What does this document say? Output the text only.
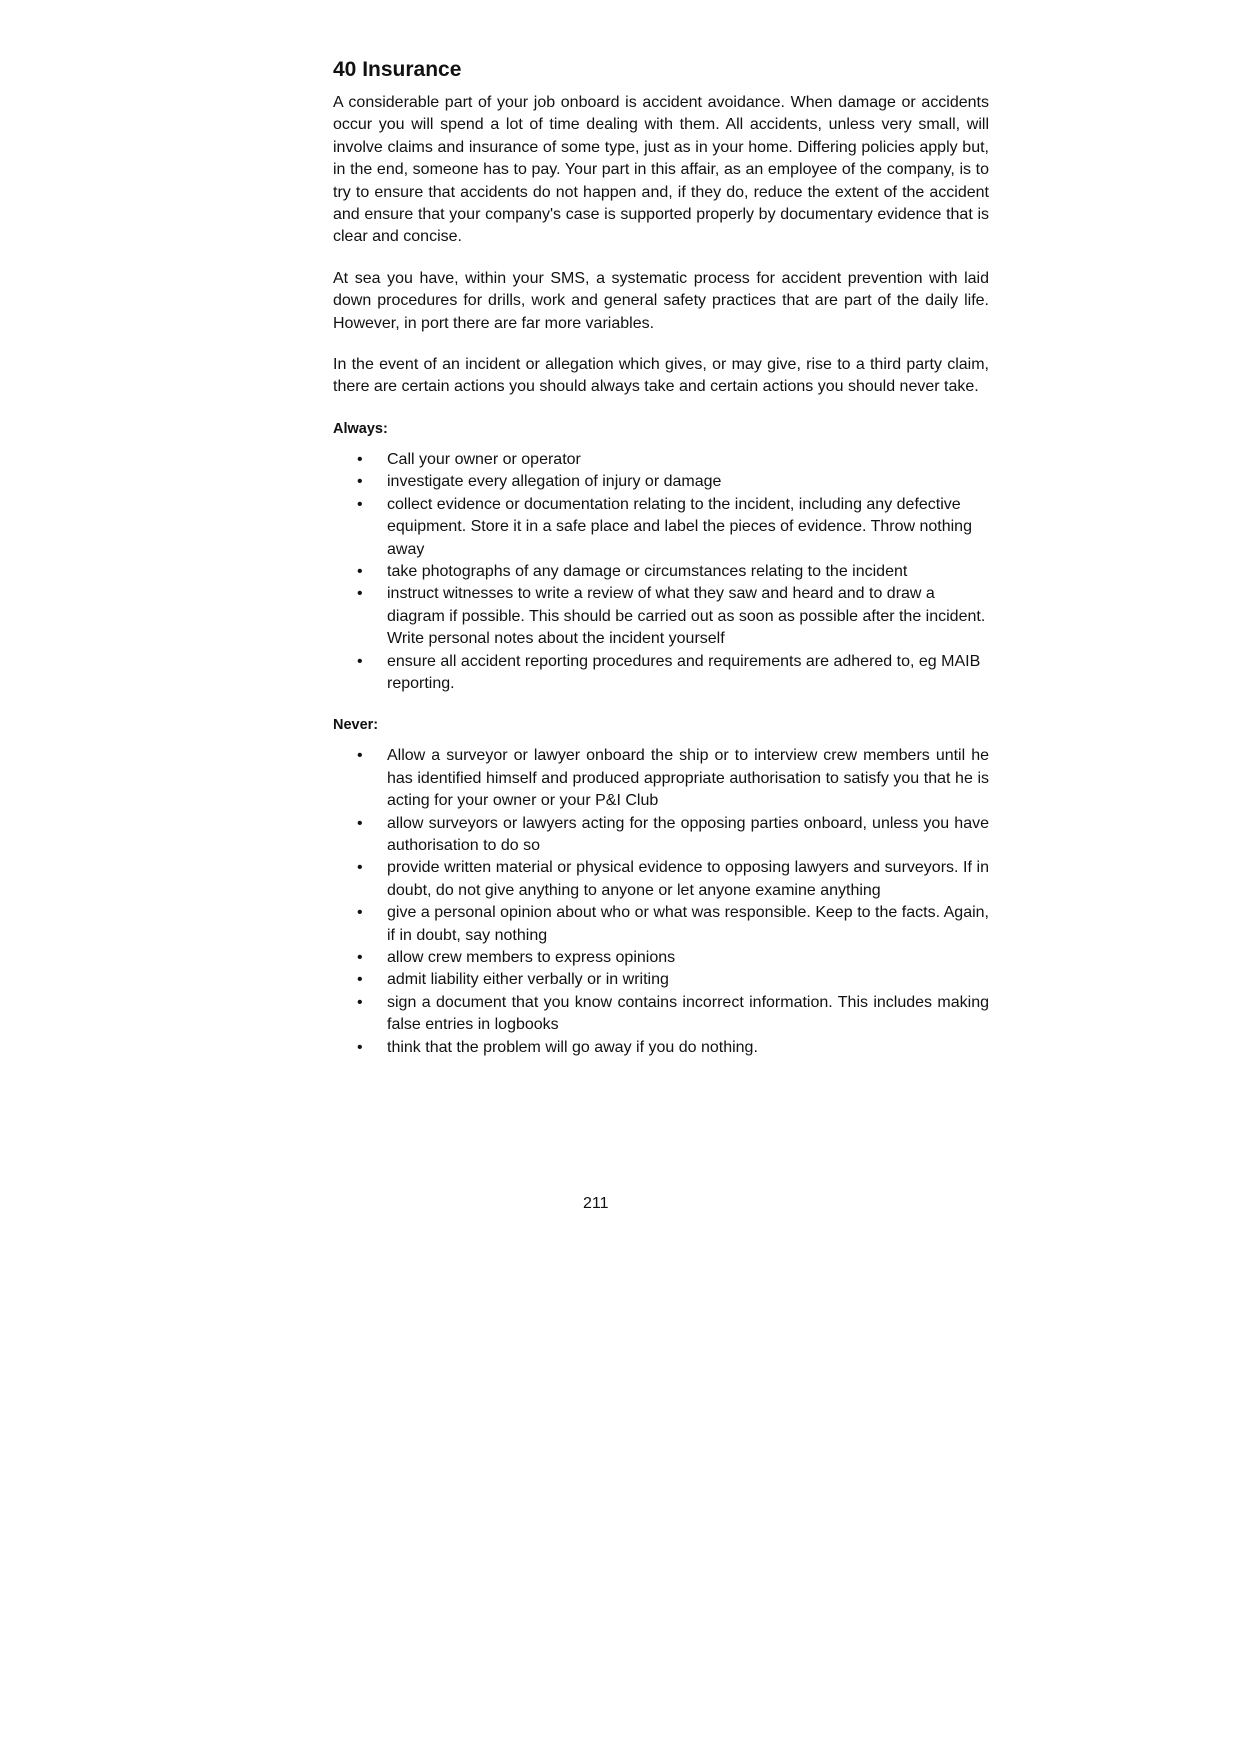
40 Insurance

A considerable part of your job onboard is accident avoidance. When damage or accidents occur you will spend a lot of time dealing with them. All accidents, unless very small, will involve claims and insurance of some type, just as in your home. Differing policies apply but, in the end, someone has to pay. Your part in this affair, as an employee of the company, is to try to ensure that accidents do not happen and, if they do, reduce the extent of the accident and ensure that your company's case is supported properly by documentary evidence that is clear and concise.

At sea you have, within your SMS, a systematic process for accident prevention with laid down procedures for drills, work and general safety practices that are part of the daily life. However, in port there are far more variables.

In the event of an incident or allegation which gives, or may give, rise to a third party claim, there are certain actions you should always take and certain actions you should never take.

Always:
• Call your owner or operator
• investigate every allegation of injury or damage
• collect evidence or documentation relating to the incident, including any defective equipment. Store it in a safe place and label the pieces of evidence. Throw nothing away
• take photographs of any damage or circumstances relating to the incident
• instruct witnesses to write a review of what they saw and heard and to draw a diagram if possible. This should be carried out as soon as possible after the incident. Write personal notes about the incident yourself
• ensure all accident reporting procedures and requirements are adhered to, eg MAIB reporting.
Never:
• Allow a surveyor or lawyer onboard the ship or to interview crew members until he has identified himself and produced appropriate authorisation to satisfy you that he is acting for your owner or your P&I Club
• allow surveyors or lawyers acting for the opposing parties onboard, unless you have authorisation to do so
• provide written material or physical evidence to opposing lawyers and surveyors. If in doubt, do not give anything to anyone or let anyone examine anything
• give a personal opinion about who or what was responsible. Keep to the facts. Again, if in doubt, say nothing
• allow crew members to express opinions
• admit liability either verbally or in writing
• sign a document that you know contains incorrect information. This includes making false entries in logbooks
• think that the problem will go away if you do nothing.
211
